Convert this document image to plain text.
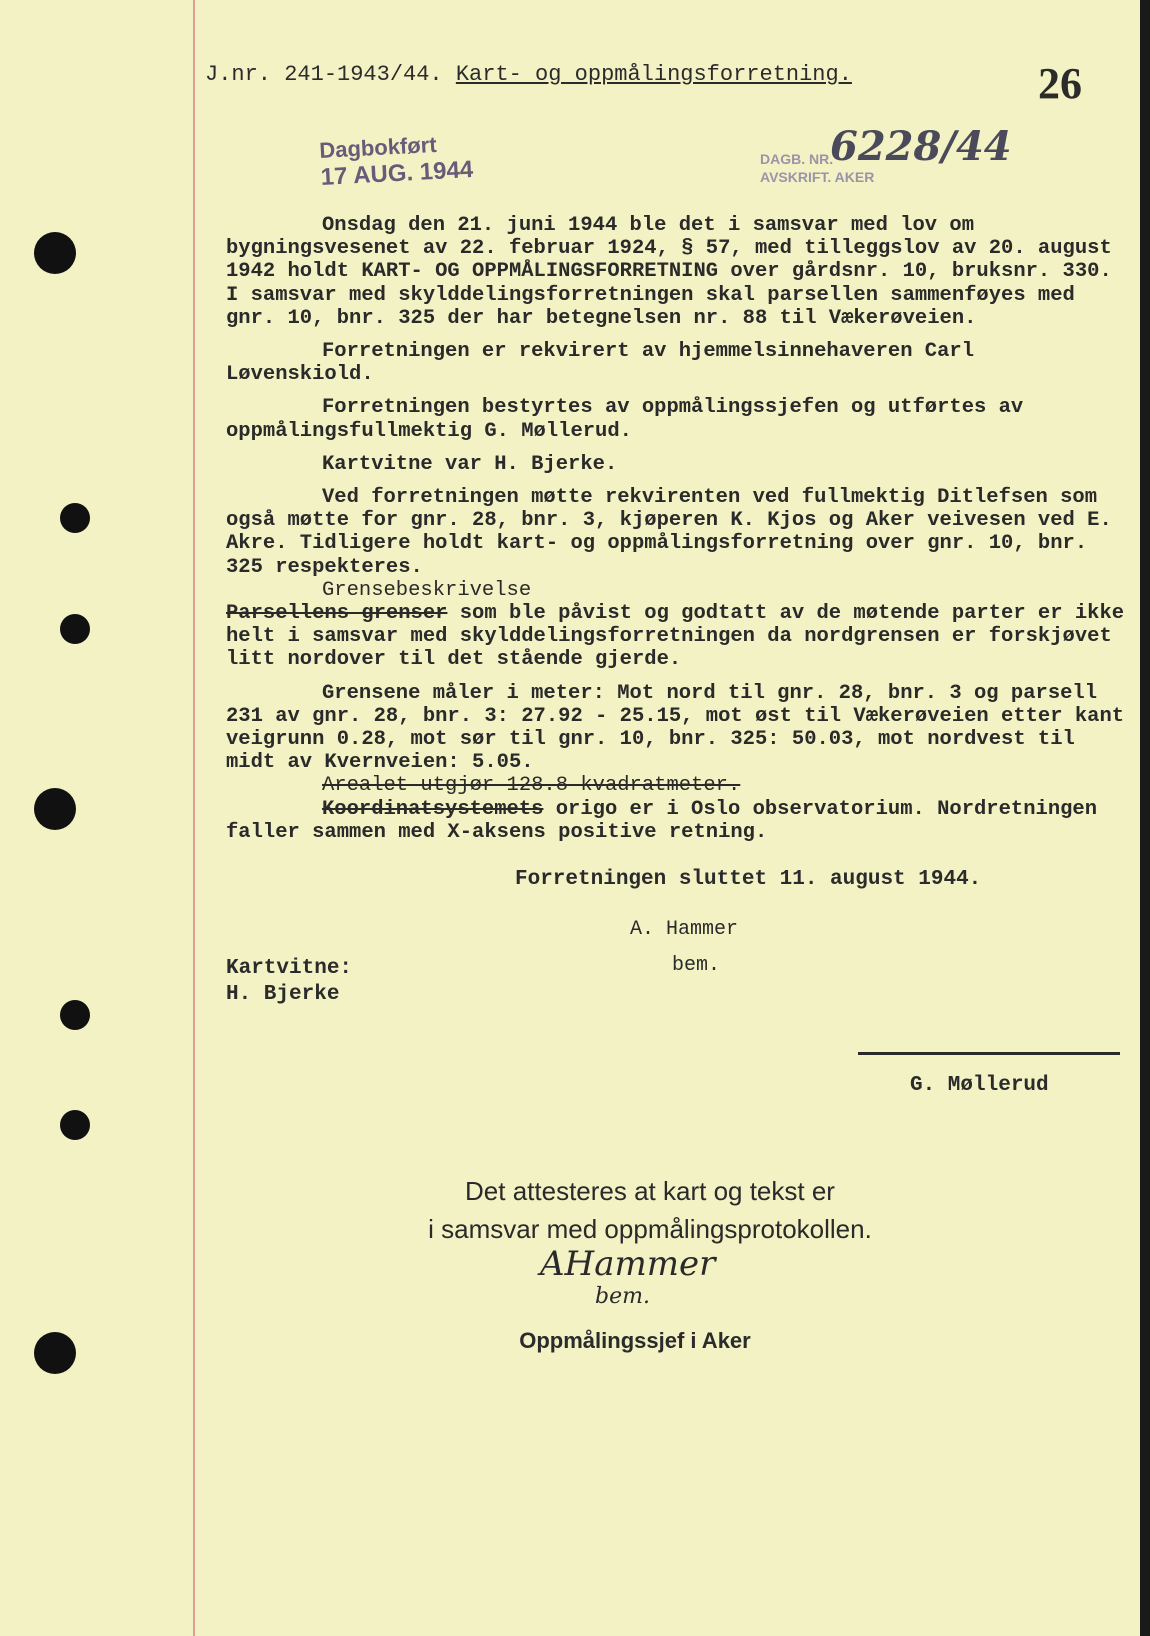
J.nr. 241-1943/44. Kart- og oppmålingsforretning.	26
Dagbokført
17 AUG. 1944	DAGB. NR.
AVSKRIFT. AKER
6228/44

Onsdag den 21. juni 1944 ble det i samsvar med lov om bygningsvesenet av 22. februar 1924, § 57, med tilleggslov av 20. august 1942 holdt KART- OG OPPMÅLINGSFORRETNING over gårdsnr. 10, bruksnr. 330. I samsvar med skylddelingsforretningen skal parsellen sammenføyes med gnr. 10, bnr. 325 der har betegnelsen nr. 88 til Vækerøveien.

Forretningen er rekvirert av hjemmelsinnehaveren Carl Løvenskiold.

Forretningen bestyrtes av oppmålingssjefen og utførtes av oppmålingsfullmektig G. Møllerud.

Kartvitne var H. Bjerke.

Ved forretningen møtte rekvirenten ved fullmektig Ditlefsen som også møtte for gnr. 28, bnr. 3, kjøperen K. Kjos og Aker veivesen ved E. Akre. Tidligere holdt kart- og oppmålingsforretning over gnr. 10, bnr. 325 respekteres.

Grensebeskrivelse

Parsellens grenser som ble påvist og godtatt av de møtende parter er ikke helt i samsvar med skylddelingsforretningen da nordgrensen er forskjøvet litt nordover til det stående gjerde.

Grensene måler i meter: Mot nord til gnr. 28, bnr. 3 og parsell 231 av gnr. 28, bnr. 3: 27.92 - 25.15, mot øst til Vækerøveien etter kant veigrunn 0.28, mot sør til gnr. 10, bnr. 325: 50.03, mot nordvest til midt av Kvernveien: 5.05.

Arealet utgjør 128.8 kvadratmeter.

Koordinatsystemets origo er i Oslo observatorium. Nordretningen faller sammen med X-aksens positive retning.

Forretningen sluttet 11. august 1944.
A. Hammer
bem.
Kartvitne:
H. Bjerke
G. Møllerud
Det attesteres at kart og tekst er
i samsvar med oppmålingsprotokollen.
AHammer
bem.
Oppmålingssjef i Aker
